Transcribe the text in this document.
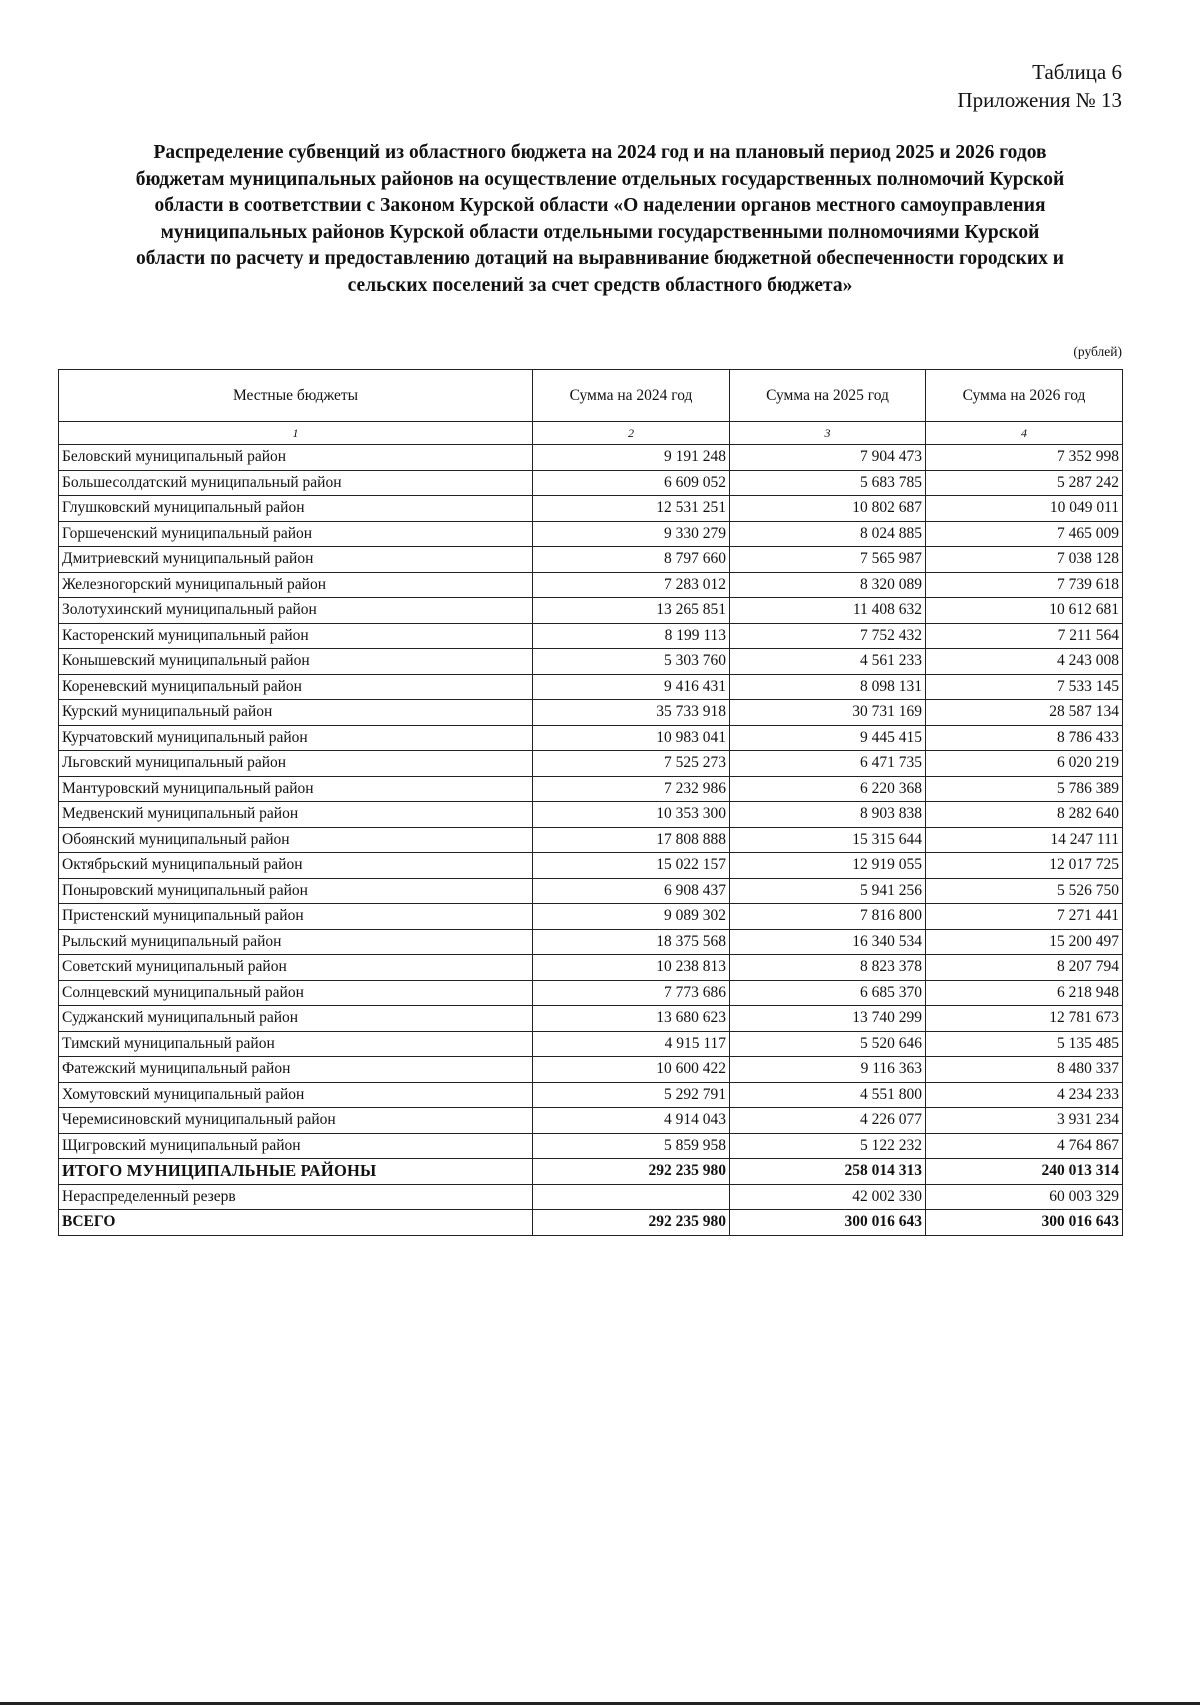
Таблица 6
Приложения № 13
Распределение субвенций из областного бюджета на 2024 год и на плановый период 2025 и 2026 годов
бюджетам муниципальных районов на осуществление отдельных государственных полномочий Курской
области в соответствии с Законом Курской области «О наделении органов местного самоуправления
муниципальных районов Курской области отдельными государственными полномочиями Курской
области по расчету и предоставлению дотаций на выравнивание бюджетной обеспеченности городских и
сельских поселений за счет средств областного бюджета»
(рублей)
Местные бюджеты	Сумма на 2024 год	Сумма на 2025 год	Сумма на 2026 год
1	2	3	4
Беловский муниципальный район	9 191 248	7 904 473	7 352 998
Большесолдатский муниципальный район	6 609 052	5 683 785	5 287 242
Глушковский муниципальный район	12 531 251	10 802 687	10 049 011
Горшеченский муниципальный район	9 330 279	8 024 885	7 465 009
Дмитриевский муниципальный район	8 797 660	7 565 987	7 038 128
Железногорский муниципальный район	7 283 012	8 320 089	7 739 618
Золотухинский муниципальный район	13 265 851	11 408 632	10 612 681
Касторенский муниципальный район	8 199 113	7 752 432	7 211 564
Конышевский муниципальный район	5 303 760	4 561 233	4 243 008
Кореневский муниципальный район	9 416 431	8 098 131	7 533 145
Курский муниципальный район	35 733 918	30 731 169	28 587 134
Курчатовский муниципальный район	10 983 041	9 445 415	8 786 433
Льговский муниципальный район	7 525 273	6 471 735	6 020 219
Мантуровский муниципальный район	7 232 986	6 220 368	5 786 389
Медвенский муниципальный район	10 353 300	8 903 838	8 282 640
Обоянский муниципальный район	17 808 888	15 315 644	14 247 111
Октябрьский муниципальный район	15 022 157	12 919 055	12 017 725
Поныровский муниципальный район	6 908 437	5 941 256	5 526 750
Пристенский муниципальный район	9 089 302	7 816 800	7 271 441
Рыльский муниципальный район	18 375 568	16 340 534	15 200 497
Советский муниципальный район	10 238 813	8 823 378	8 207 794
Солнцевский муниципальный район	7 773 686	6 685 370	6 218 948
Суджанский муниципальный район	13 680 623	13 740 299	12 781 673
Тимский муниципальный район	4 915 117	5 520 646	5 135 485
Фатежский муниципальный район	10 600 422	9 116 363	8 480 337
Хомутовский муниципальный район	5 292 791	4 551 800	4 234 233
Черемисиновский муниципальный район	4 914 043	4 226 077	3 931 234
Щигровский муниципальный район	5 859 958	5 122 232	4 764 867
ИТОГО МУНИЦИПАЛЬНЫЕ РАЙОНЫ	292 235 980	258 014 313	240 013 314
Нераспределенный резерв		42 002 330	60 003 329
ВСЕГО	292 235 980	300 016 643	300 016 643
